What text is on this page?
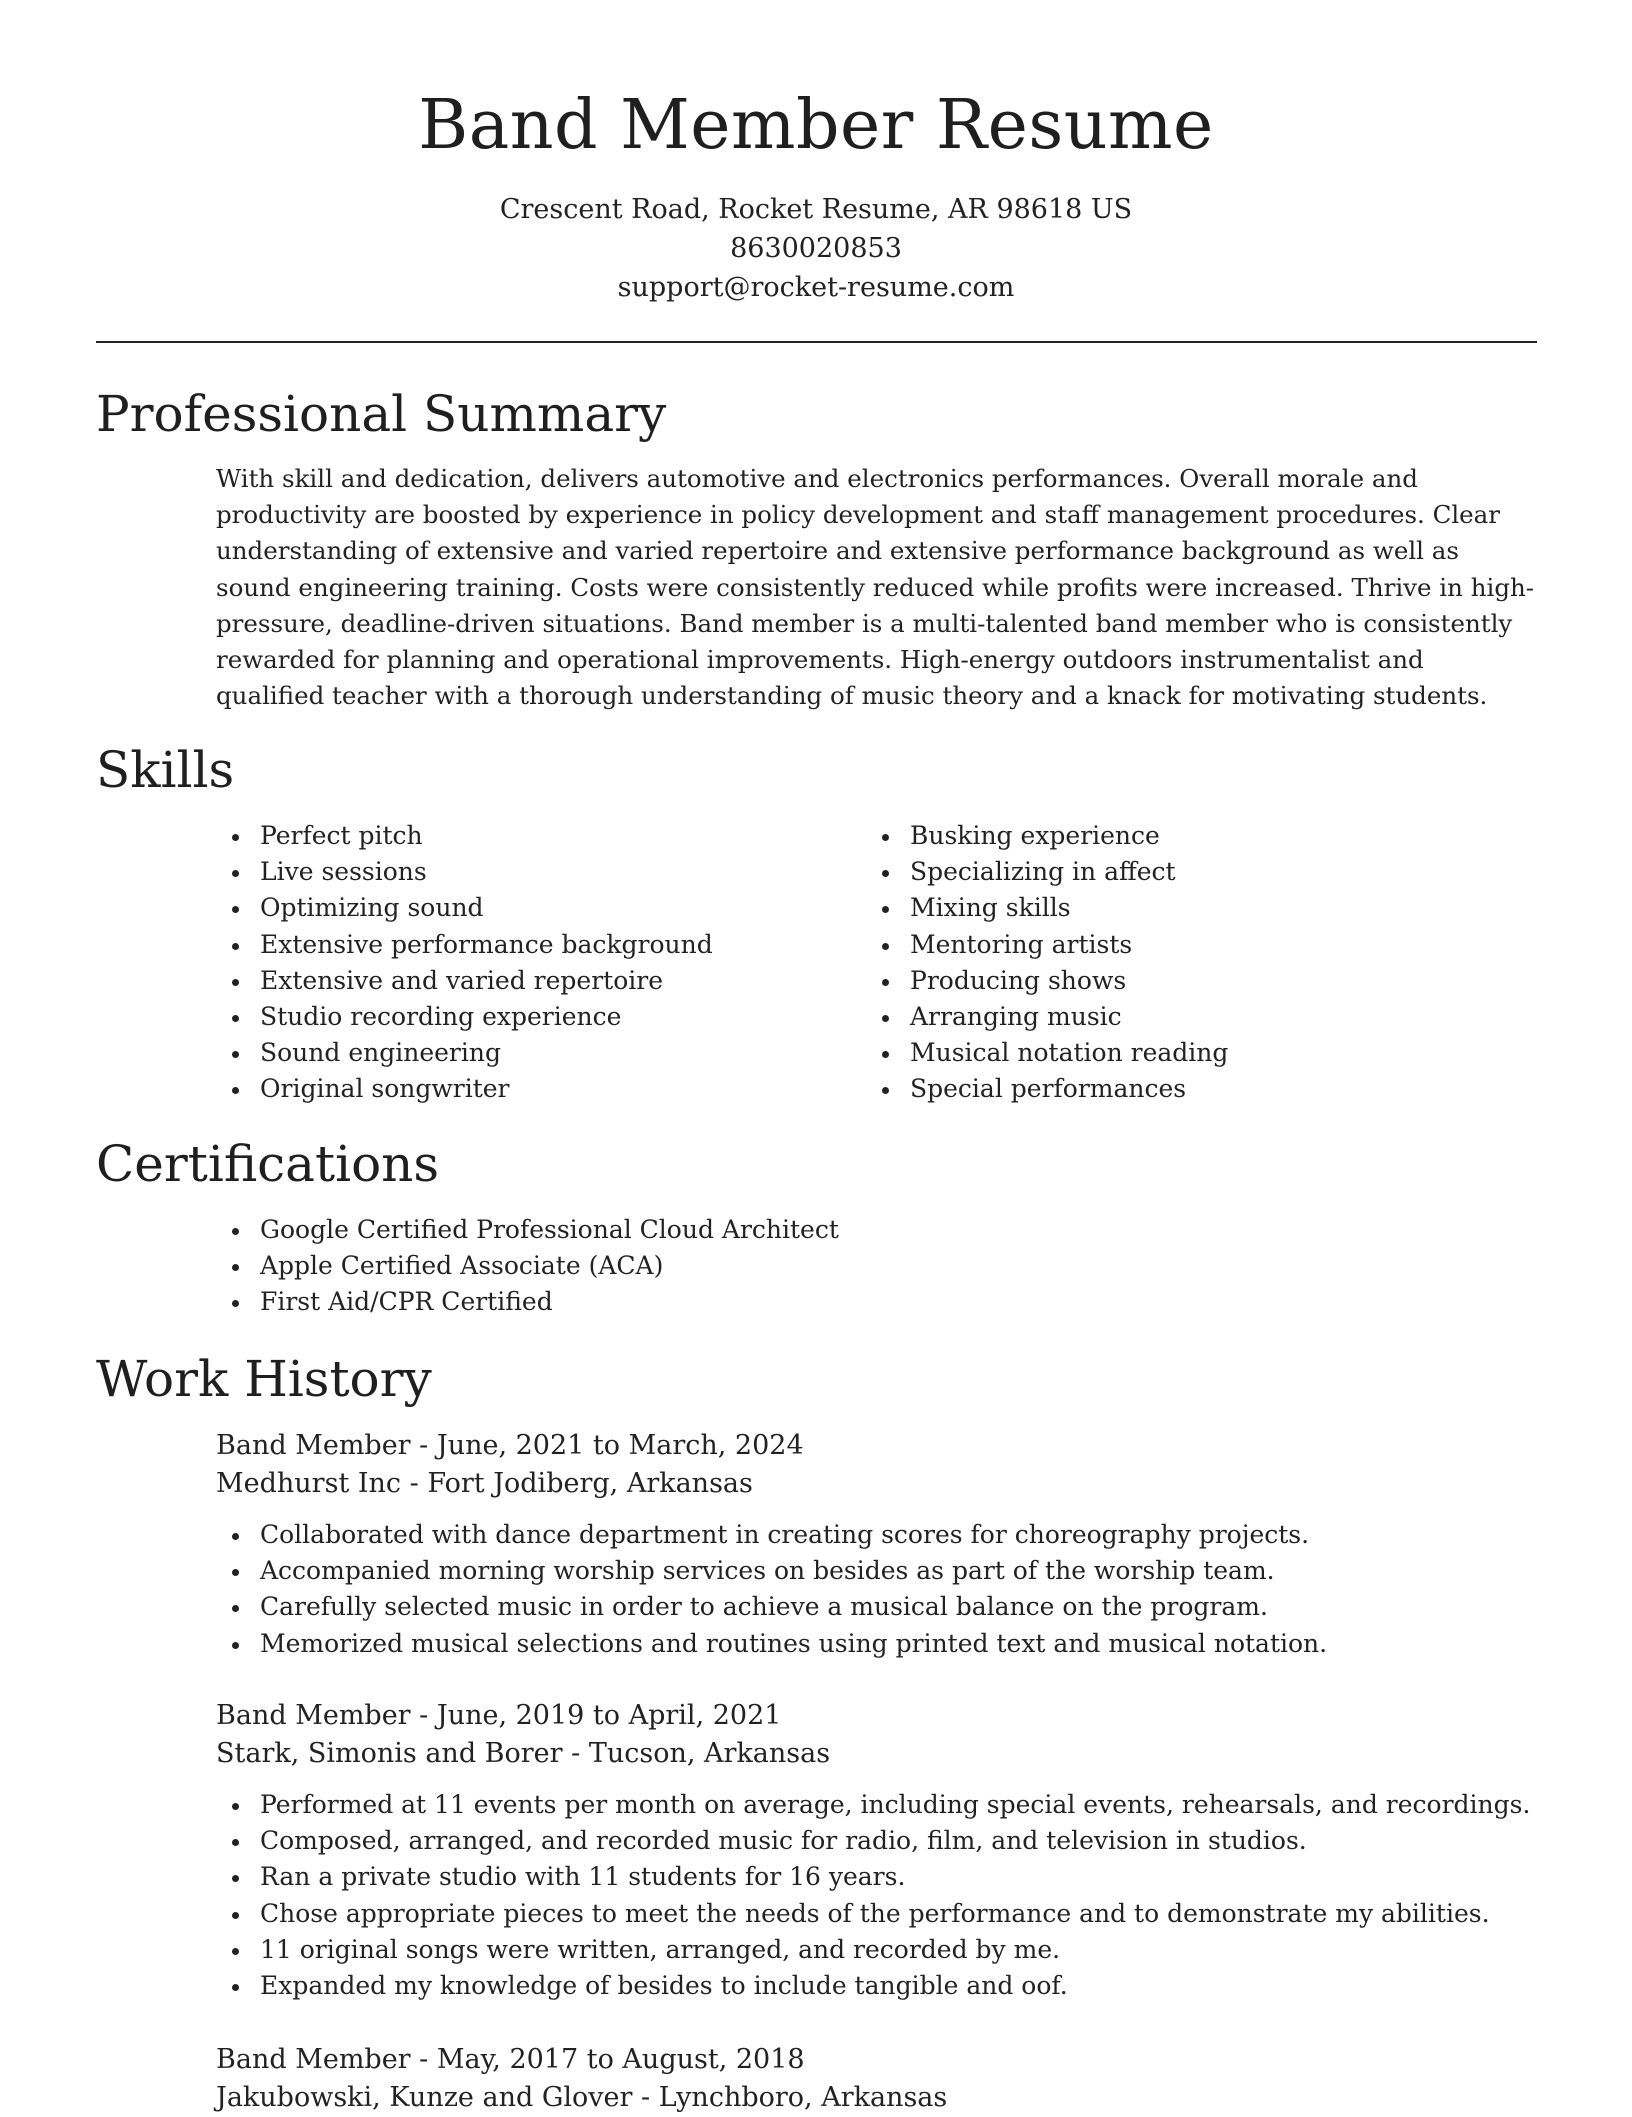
Band Member Resume
Crescent Road, Rocket Resume, AR 98618 US
8630020853
support@rocket-resume.com
Professional Summary

With skill and dedication, delivers automotive and electronics performances. Overall morale and productivity are boosted by experience in policy development and staff management procedures. Clear understanding of extensive and varied repertoire and extensive performance background as well as sound engineering training. Costs were consistently reduced while profits were increased. Thrive in high-pressure, deadline-driven situations. Band member is a multi-talented band member who is consistently rewarded for planning and operational improvements. High-energy outdoors instrumentalist and qualified teacher with a thorough understanding of music theory and a knack for motivating students.

Skills
Perfect pitch
Live sessions
Optimizing sound
Extensive performance background
Extensive and varied repertoire
Studio recording experience
Sound engineering
Original songwriter
Busking experience
Specializing in affect
Mixing skills
Mentoring artists
Producing shows
Arranging music
Musical notation reading
Special performances
Certifications
Google Certified Professional Cloud Architect
Apple Certified Associate (ACA)
First Aid/CPR Certified
Work History
Band Member - June, 2021 to March, 2024
Medhurst Inc - Fort Jodiberg, Arkansas
Collaborated with dance department in creating scores for choreography projects.
Accompanied morning worship services on besides as part of the worship team.
Carefully selected music in order to achieve a musical balance on the program.
Memorized musical selections and routines using printed text and musical notation.
Band Member - June, 2019 to April, 2021
Stark, Simonis and Borer - Tucson, Arkansas
Performed at 11 events per month on average, including special events, rehearsals, and recordings.
Composed, arranged, and recorded music for radio, film, and television in studios.
Ran a private studio with 11 students for 16 years.
Chose appropriate pieces to meet the needs of the performance and to demonstrate my abilities.
11 original songs were written, arranged, and recorded by me.
Expanded my knowledge of besides to include tangible and oof.
Band Member - May, 2017 to August, 2018
Jakubowski, Kunze and Glover - Lynchboro, Arkansas
